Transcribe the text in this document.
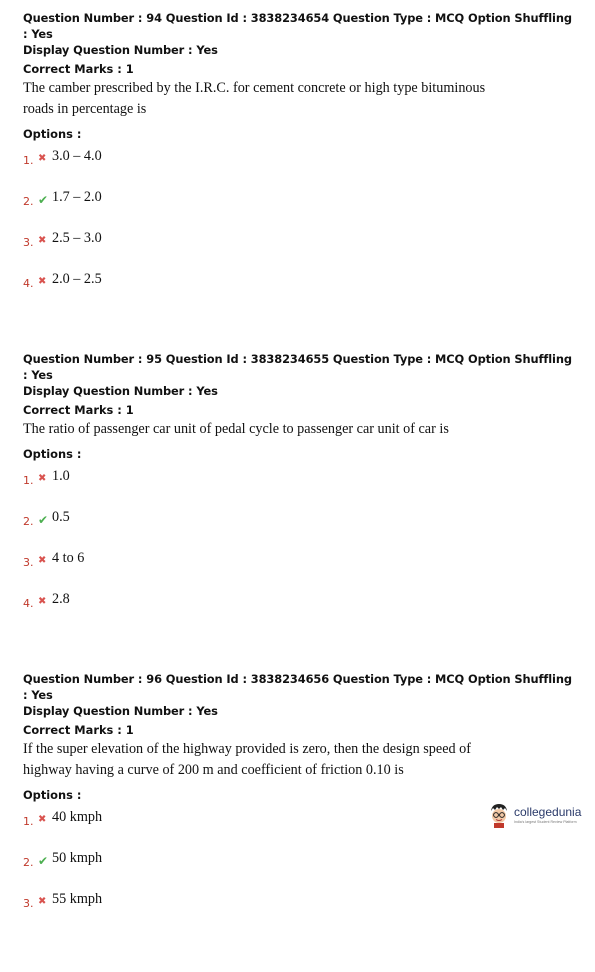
Question Number : 94 Question Id : 3838234654 Question Type : MCQ Option Shuffling : Yes
Display Question Number : Yes
Correct Marks : 1
The camber prescribed by the I.R.C. for cement concrete or high type bituminous
roads in percentage is
Options :
1. ✖ 3.0 – 4.0
2. ✔ 1.7 – 2.0
3. ✖ 2.5 – 3.0
4. ✖ 2.0 – 2.5
Question Number : 95 Question Id : 3838234655 Question Type : MCQ Option Shuffling : Yes
Display Question Number : Yes
Correct Marks : 1
The ratio of passenger car unit of pedal cycle to passenger car unit of car is
Options :
1. ✖ 1.0
2. ✔ 0.5
3. ✖ 4 to 6
4. ✖ 2.8
Question Number : 96 Question Id : 3838234656 Question Type : MCQ Option Shuffling : Yes
Display Question Number : Yes
Correct Marks : 1
If the super elevation of the highway provided is zero, then the design speed of
highway having a curve of 200 m and coefficient of friction 0.10 is
Options :
1. ✖ 40 kmph
2. ✔ 50 kmph
3. ✖ 55 kmph
collegedunia
India's largest Student Review Platform
